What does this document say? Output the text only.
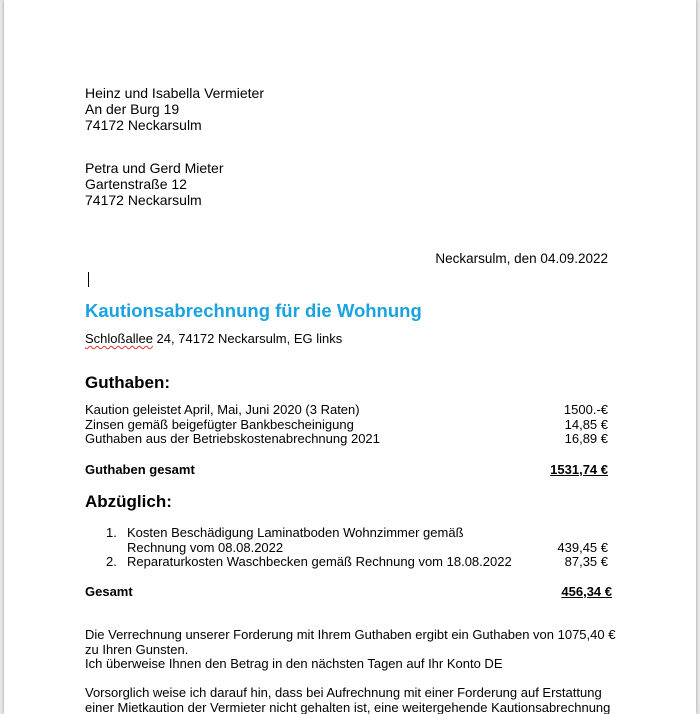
Heinz und Isabella Vermieter
An der Burg 19
74172 Neckarsulm
Petra und Gerd Mieter
Gartenstraße 12
74172 Neckarsulm
Neckarsulm, den 04.09.2022
Kautionsabrechnung für die Wohnung
Schloßallee 24, 74172 Neckarsulm, EG links
Guthaben:
Kaution geleistet April, Mai, Juni 2020 (3 Raten)	1500.-€
Zinsen gemäß beigefügter Bankbescheinigung	14,85 €
Guthaben aus der Betriebskostenabrechnung 2021	16,89 €
Guthaben gesamt	1531,74 €
Abzüglich:
1. Kosten Beschädigung Laminatboden Wohnzimmer gemäß
Rechnung vom 08.08.2022	439,45 €
2. Reparaturkosten Waschbecken gemäß Rechnung vom 18.08.2022	87,35 €
Gesamt	456,34 €
Die Verrechnung unserer Forderung mit Ihrem Guthaben ergibt ein Guthaben von 1075,40 €
zu Ihren Gunsten.
Ich überweise Ihnen den Betrag in den nächsten Tagen auf Ihr Konto DE
Vorsorglich weise ich darauf hin, dass bei Aufrechnung mit einer Forderung auf Erstattung
einer Mietkaution der Vermieter nicht gehalten ist, eine weitergehende Kautionsabrechnung
